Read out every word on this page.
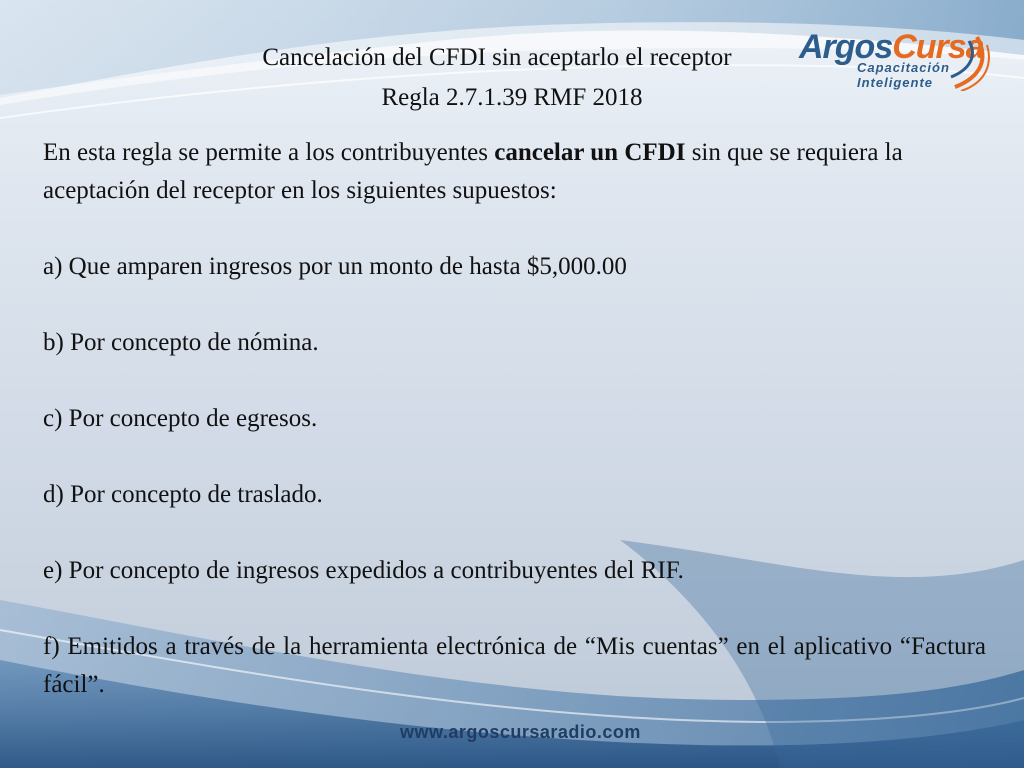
Cancelación del CFDI sin aceptarlo el receptor
Regla 2.7.1.39 RMF 2018
ArgosCursa
Capacitación
Inteligente

En esta regla se permite a los contribuyentes cancelar un CFDI sin que se requiera la aceptación del receptor en los siguientes supuestos:

a) Que amparen ingresos por un monto de hasta $5,000.00

b) Por concepto de nómina.

c) Por concepto de egresos.

d) Por concepto de traslado.

e) Por concepto de ingresos expedidos a contribuyentes del RIF.

f) Emitidos a través de la herramienta electrónica de “Mis cuentas” en el aplicativo “Factura fácil”.

www.argoscursaradio.com
